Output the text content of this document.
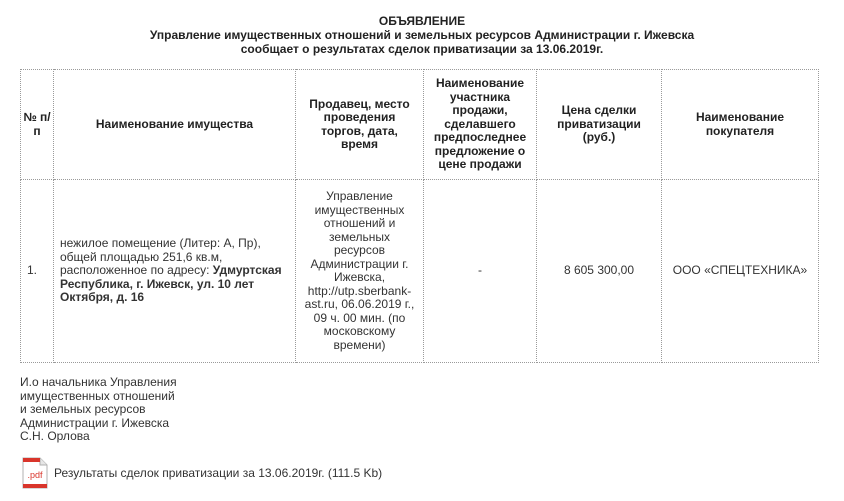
ОБЪЯВЛЕНИЕ
Управление имущественных отношений и земельных ресурсов Администрации г. Ижевска
сообщает о результатах сделок приватизации за 13.06.2019г.
№ п/п	Наименование имущества	Продавец, место проведения торгов, дата, время	Наименование участника продажи, сделавшего предпоследнее предложение о цене продажи	Цена сделки приватизации (руб.)	Наименование покупателя
1.	нежилое помещение (Литер: А, Пр), общей площадью 251,6 кв.м, расположенное по адресу: Удмуртская Республика, г. Ижевск, ул. 10 лет Октября, д. 16	Управление имущественных отношений и земельных ресурсов Администрации г. Ижевска, http://utp.sberbank-ast.ru, 06.06.2019 г., 09 ч. 00 мин. (по московскому времени)	-	8 605 300,00	ООО «СПЕЦТЕХНИКА»
И.о начальника Управления
имущественных отношений
и земельных ресурсов
Администрации г. Ижевска
С.Н. Орлова
.pdf Результаты сделок приватизации за 13.06.2019г. (111.5 Kb)
